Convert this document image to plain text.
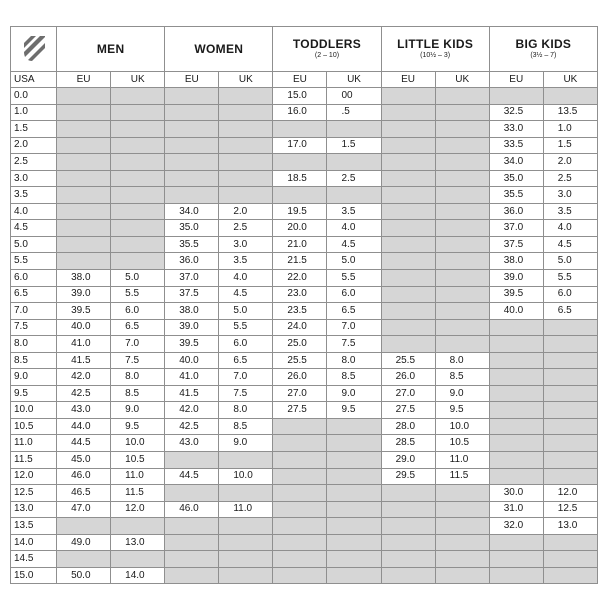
MEN		WOMEN		TODDLERS
(2 – 10)		LITTLE KIDS
(10½ – 3)		BIG KIDS
(3½ – 7)	

USA	EU	UK	EU	UK	EU	UK	EU	UK	EU	UK
0.0					15.0	00				
1.0					16.0	.5			32.5	13.5
1.5									33.0	1.0
2.0					17.0	1.5			33.5	1.5
2.5									34.0	2.0
3.0					18.5	2.5			35.0	2.5
3.5									35.5	3.0
4.0			34.0	2.0	19.5	3.5			36.0	3.5
4.5			35.0	2.5	20.0	4.0			37.0	4.0
5.0			35.5	3.0	21.0	4.5			37.5	4.5
5.5			36.0	3.5	21.5	5.0			38.0	5.0
6.0	38.0	5.0	37.0	4.0	22.0	5.5			39.0	5.5
6.5	39.0	5.5	37.5	4.5	23.0	6.0			39.5	6.0
7.0	39.5	6.0	38.0	5.0	23.5	6.5			40.0	6.5
7.5	40.0	6.5	39.0	5.5	24.0	7.0				
8.0	41.0	7.0	39.5	6.0	25.0	7.5				
8.5	41.5	7.5	40.0	6.5	25.5	8.0	25.5	8.0		
9.0	42.0	8.0	41.0	7.0	26.0	8.5	26.0	8.5		
9.5	42.5	8.5	41.5	7.5	27.0	9.0	27.0	9.0		
10.0	43.0	9.0	42.0	8.0	27.5	9.5	27.5	9.5		
10.5	44.0	9.5	42.5	8.5			28.0	10.0		
11.0	44.5	10.0	43.0	9.0			28.5	10.5		
11.5	45.0	10.5					29.0	11.0		
12.0	46.0	11.0	44.5	10.0			29.5	11.5		
12.5	46.5	11.5							30.0	12.0
13.0	47.0	12.0	46.0	11.0					31.0	12.5
13.5									32.0	13.0
14.0	49.0	13.0								
14.5										
15.0	50.0	14.0								
